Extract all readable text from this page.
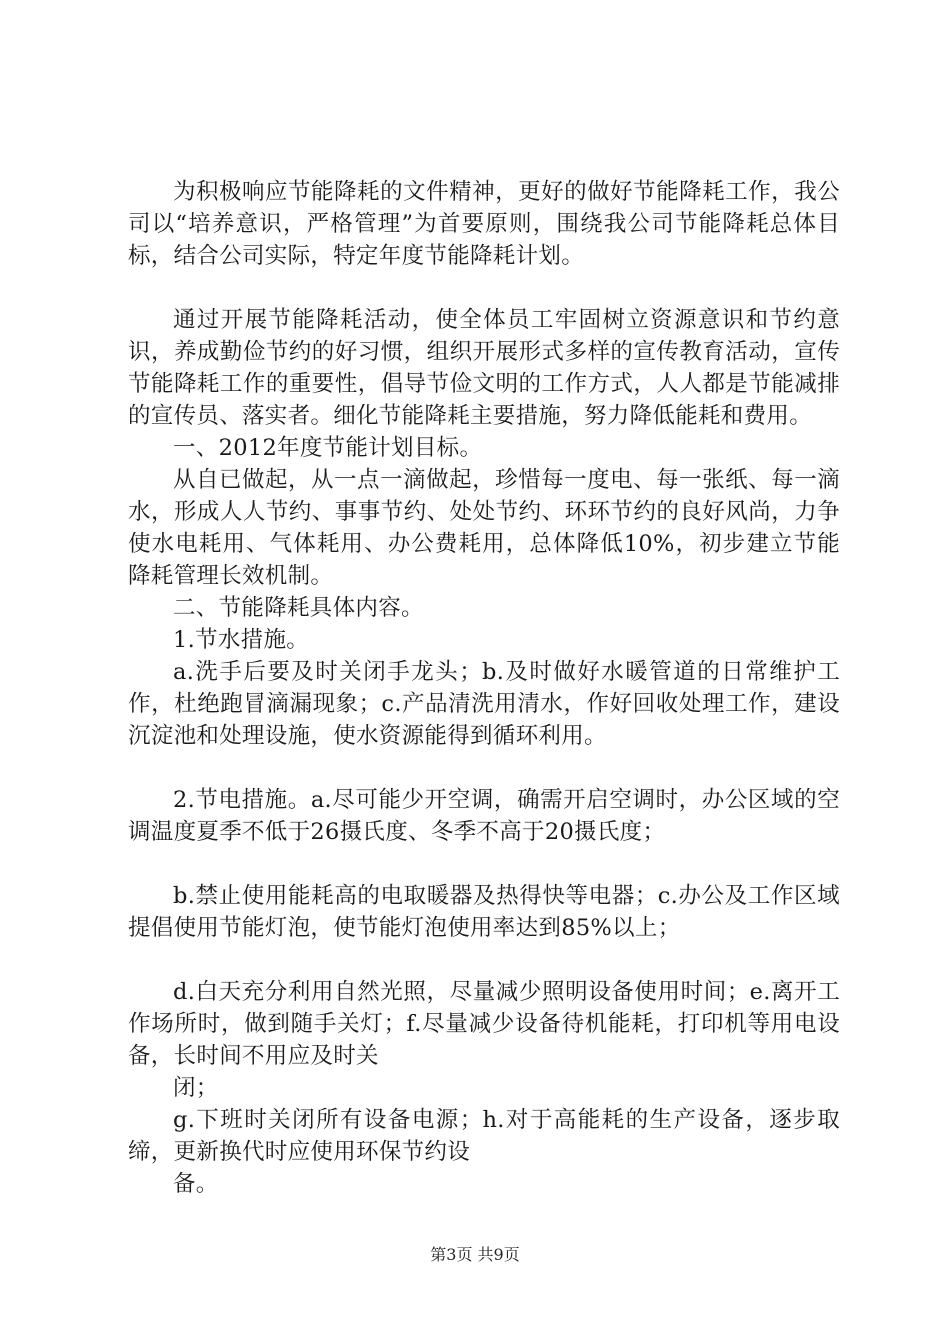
为积极响应节能降耗的文件精神，更好的做好节能降耗工作，我公司以“培养意识，严格管理”为首要原则，围绕我公司节能降耗总体目标，结合公司实际，特定年度节能降耗计划。

通过开展节能降耗活动，使全体员工牢固树立资源意识和节约意识，养成勤俭节约的好习惯，组织开展形式多样的宣传教育活动，宣传节能降耗工作的重要性，倡导节俭文明的工作方式，人人都是节能减排的宣传员、落实者。细化节能降耗主要措施，努力降低能耗和费用。

一、2012年度节能计划目标。

从自已做起，从一点一滴做起，珍惜每一度电、每一张纸、每一滴水，形成人人节约、事事节约、处处节约、环环节约的良好风尚，力争使水电耗用、气体耗用、办公费耗用，总体降低10%，初步建立节能降耗管理长效机制。

二、节能降耗具体内容。

1.节水措施。

a.洗手后要及时关闭手龙头；b.及时做好水暖管道的日常维护工作，杜绝跑冒滴漏现象；c.产品清洗用清水，作好回收处理工作，建设沉淀池和处理设施，使水资源能得到循环利用。

2.节电措施。a.尽可能少开空调，确需开启空调时，办公区域的空调温度夏季不低于26摄氏度、冬季不高于20摄氏度；

b.禁止使用能耗高的电取暖器及热得快等电器；c.办公及工作区域提倡使用节能灯泡，使节能灯泡使用率达到85%以上；

d.白天充分利用自然光照，尽量减少照明设备使用时间；e.离开工作场所时，做到随手关灯；f.尽量减少设备待机能耗，打印机等用电设备，长时间不用应及时关

闭；

g.下班时关闭所有设备电源；h.对于高能耗的生产设备，逐步取缔，更新换代时应使用环保节约设

备。

第3页 共9页
